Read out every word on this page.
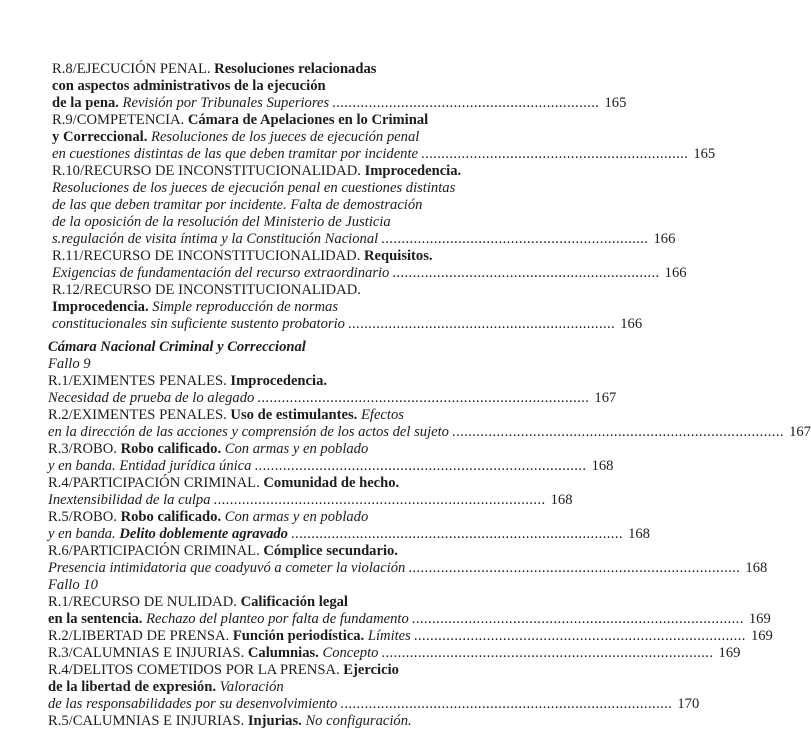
R.8/EJECUCIÓN PENAL. Resoluciones relacionadas
con aspectos administrativos de la ejecución
de la pena. Revisión por Tribunales Superiores .................................................................. 165
R.9/COMPETENCIA. Cámara de Apelaciones en lo Criminal
y Correccional. Resoluciones de los jueces de ejecución penal
en cuestiones distintas de las que deben tramitar por incidente .................................................................. 165
R.10/RECURSO DE INCONSTITUCIONALIDAD. Improcedencia.
Resoluciones de los jueces de ejecución penal en cuestiones distintas
de las que deben tramitar por incidente. Falta de demostración
de la oposición de la resolución del Ministerio de Justicia
s.regulación de visita íntima y la Constitución Nacional .................................................................. 166
R.11/RECURSO DE INCONSTITUCIONALIDAD. Requisitos.
Exigencias de fundamentación del recurso extraordinario .................................................................. 166
R.12/RECURSO DE INCONSTITUCIONALIDAD.
Improcedencia. Simple reproducción de normas
constitucionales sin suficiente sustento probatorio .................................................................. 166
Cámara Nacional Criminal y Correccional
Fallo 9
R.1/EXIMENTES PENALES. Improcedencia.
Necesidad de prueba de lo alegado .................................................................................. 167
R.2/EXIMENTES PENALES. Uso de estimulantes. Efectos
en la dirección de las acciones y comprensión de los actos del sujeto .................................................................................. 167
R.3/ROBO. Robo calificado. Con armas y en poblado
y en banda. Entidad jurídica única .................................................................................. 168
R.4/PARTICIPACIÓN CRIMINAL. Comunidad de hecho.
Inextensibilidad de la culpa .................................................................................. 168
R.5/ROBO. Robo calificado. Con armas y en poblado
y en banda. Delito doblemente agravado .................................................................................. 168
R.6/PARTICIPACIÓN CRIMINAL. Cómplice secundario.
Presencia intimidatoria que coadyuvó a cometer la violación .................................................................................. 168
Fallo 10
R.1/RECURSO DE NULIDAD. Calificación legal
en la sentencia. Rechazo del planteo por falta de fundamento .................................................................................. 169
R.2/LIBERTAD DE PRENSA. Función periodística. Límites .................................................................................. 169
R.3/CALUMNIAS E INJURIAS. Calumnias. Concepto .................................................................................. 169
R.4/DELITOS COMETIDOS POR LA PRENSA. Ejercicio
de la libertad de expresión. Valoración
de las responsabilidades por su desenvolvimiento .................................................................................. 170
R.5/CALUMNIAS E INJURIAS. Injurias. No configuración.
